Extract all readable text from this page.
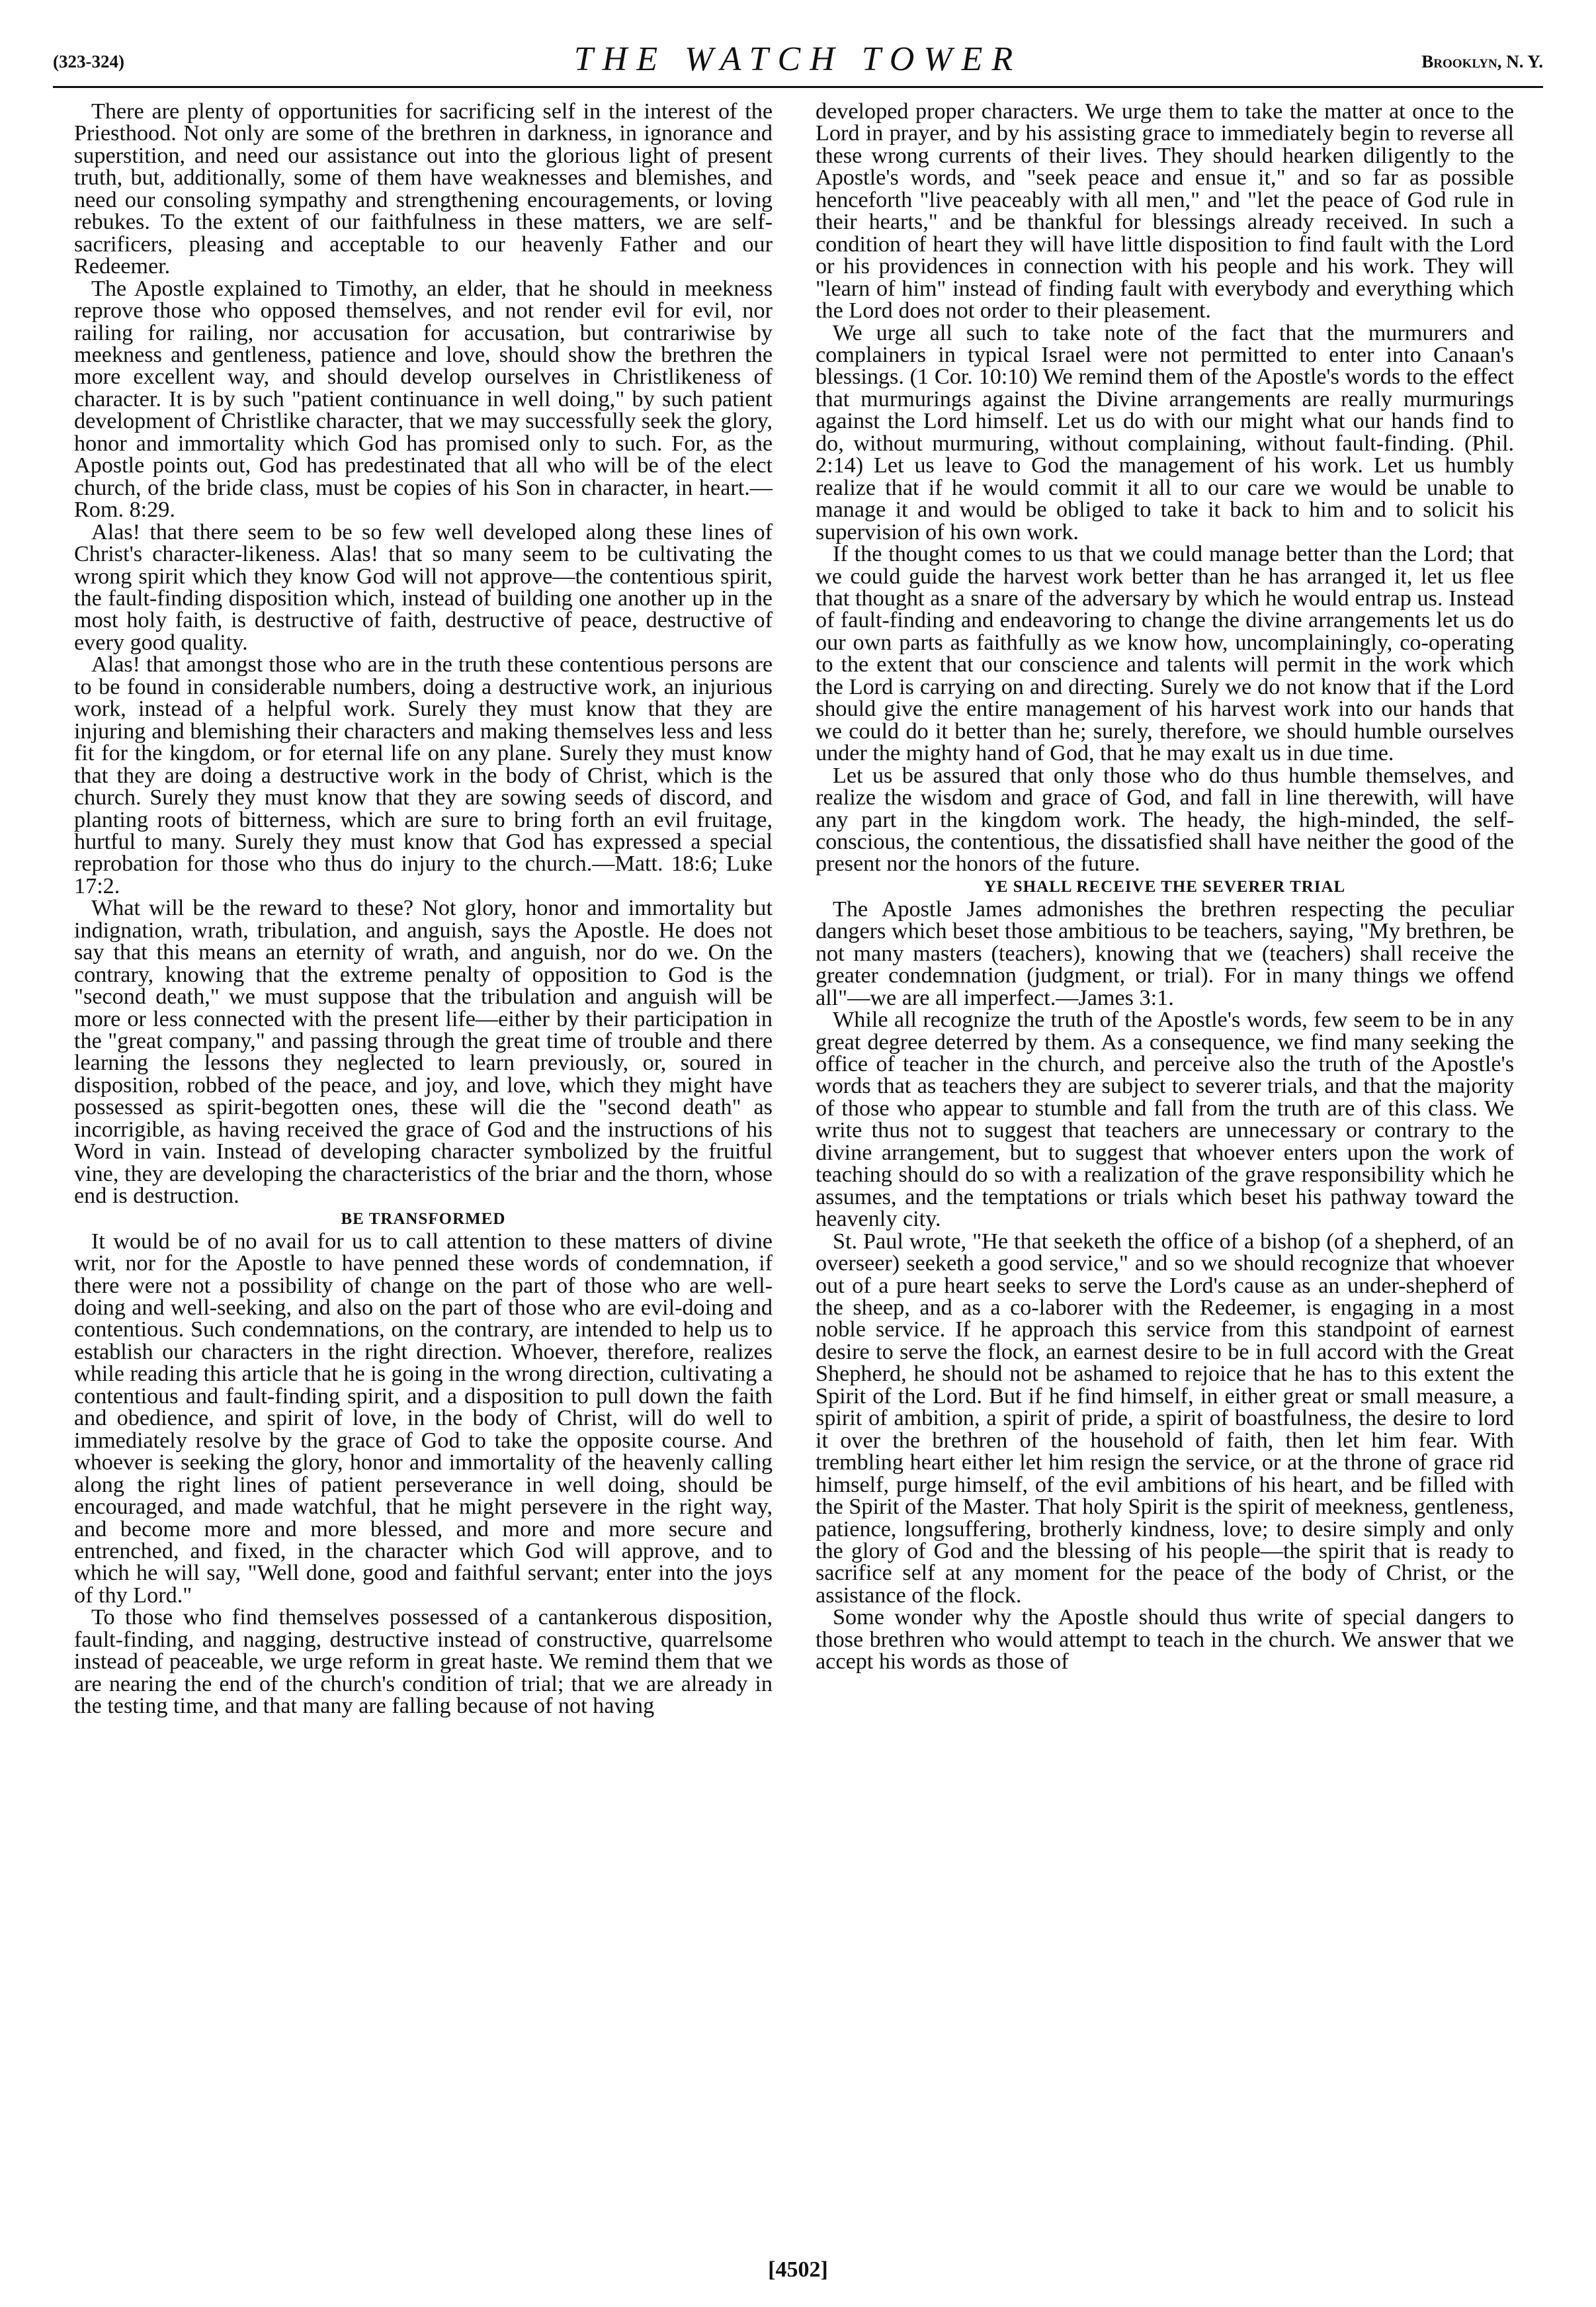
(323-324)	THE WATCH TOWER	Brooklyn, N. Y.

There are plenty of opportunities for sacrificing self in the interest of the Priesthood. Not only are some of the brethren in darkness, in ignorance and superstition, and need our assistance out into the glorious light of present truth, but, additionally, some of them have weaknesses and blemishes, and need our consoling sympathy and strengthening encouragements, or loving rebukes. To the extent of our faithfulness in these matters, we are self-sacrificers, pleasing and acceptable to our heavenly Father and our Redeemer.

The Apostle explained to Timothy, an elder, that he should in meekness reprove those who opposed themselves, and not render evil for evil, nor railing for railing, nor accusation for accusation, but contrariwise by meekness and gentleness, patience and love, should show the brethren the more excellent way, and should develop ourselves in Christlikeness of character. It is by such "patient continuance in well doing," by such patient development of Christlike character, that we may successfully seek the glory, honor and immortality which God has promised only to such. For, as the Apostle points out, God has predestinated that all who will be of the elect church, of the bride class, must be copies of his Son in character, in heart.—Rom. 8:29.

Alas! that there seem to be so few well developed along these lines of Christ's character-likeness. Alas! that so many seem to be cultivating the wrong spirit which they know God will not approve—the contentious spirit, the fault-finding disposition which, instead of building one another up in the most holy faith, is destructive of faith, destructive of peace, destructive of every good quality.

Alas! that amongst those who are in the truth these contentious persons are to be found in considerable numbers, doing a destructive work, an injurious work, instead of a helpful work. Surely they must know that they are injuring and blemishing their characters and making themselves less and less fit for the kingdom, or for eternal life on any plane. Surely they must know that they are doing a destructive work in the body of Christ, which is the church. Surely they must know that they are sowing seeds of discord, and planting roots of bitterness, which are sure to bring forth an evil fruitage, hurtful to many. Surely they must know that God has expressed a special reprobation for those who thus do injury to the church.—Matt. 18:6; Luke 17:2.

What will be the reward to these? Not glory, honor and immortality but indignation, wrath, tribulation, and anguish, says the Apostle. He does not say that this means an eternity of wrath, and anguish, nor do we. On the contrary, knowing that the extreme penalty of opposition to God is the "second death," we must suppose that the tribulation and anguish will be more or less connected with the present life—either by their participation in the "great company," and passing through the great time of trouble and there learning the lessons they neglected to learn previously, or, soured in disposition, robbed of the peace, and joy, and love, which they might have possessed as spirit-begotten ones, these will die the "second death" as incorrigible, as having received the grace of God and the instructions of his Word in vain. Instead of developing character symbolized by the fruitful vine, they are developing the characteristics of the briar and the thorn, whose end is destruction.

BE TRANSFORMED

It would be of no avail for us to call attention to these matters of divine writ, nor for the Apostle to have penned these words of condemnation, if there were not a possibility of change on the part of those who are well-doing and well-seeking, and also on the part of those who are evil-doing and contentious. Such condemnations, on the contrary, are intended to help us to establish our characters in the right direction. Whoever, therefore, realizes while reading this article that he is going in the wrong direction, cultivating a contentious and fault-finding spirit, and a disposition to pull down the faith and obedience, and spirit of love, in the body of Christ, will do well to immediately resolve by the grace of God to take the opposite course. And whoever is seeking the glory, honor and immortality of the heavenly calling along the right lines of patient perseverance in well doing, should be encouraged, and made watchful, that he might persevere in the right way, and become more and more blessed, and more and more secure and entrenched, and fixed, in the character which God will approve, and to which he will say, "Well done, good and faithful servant; enter into the joys of thy Lord."

To those who find themselves possessed of a cantankerous disposition, fault-finding, and nagging, destructive instead of constructive, quarrelsome instead of peaceable, we urge reform in great haste. We remind them that we are nearing the end of the church's condition of trial; that we are already in the testing time, and that many are falling because of not having

developed proper characters. We urge them to take the matter at once to the Lord in prayer, and by his assisting grace to immediately begin to reverse all these wrong currents of their lives. They should hearken diligently to the Apostle's words, and "seek peace and ensue it," and so far as possible henceforth "live peaceably with all men," and "let the peace of God rule in their hearts," and be thankful for blessings already received. In such a condition of heart they will have little disposition to find fault with the Lord or his providences in connection with his people and his work. They will "learn of him" instead of finding fault with everybody and everything which the Lord does not order to their pleasement.

We urge all such to take note of the fact that the murmurers and complainers in typical Israel were not permitted to enter into Canaan's blessings. (1 Cor. 10:10) We remind them of the Apostle's words to the effect that murmurings against the Divine arrangements are really murmurings against the Lord himself. Let us do with our might what our hands find to do, without murmuring, without complaining, without fault-finding. (Phil. 2:14) Let us leave to God the management of his work. Let us humbly realize that if he would commit it all to our care we would be unable to manage it and would be obliged to take it back to him and to solicit his supervision of his own work.

If the thought comes to us that we could manage better than the Lord; that we could guide the harvest work better than he has arranged it, let us flee that thought as a snare of the adversary by which he would entrap us. Instead of fault-finding and endeavoring to change the divine arrangements let us do our own parts as faithfully as we know how, uncomplainingly, co-operating to the extent that our conscience and talents will permit in the work which the Lord is carrying on and directing. Surely we do not know that if the Lord should give the entire management of his harvest work into our hands that we could do it better than he; surely, therefore, we should humble ourselves under the mighty hand of God, that he may exalt us in due time.

Let us be assured that only those who do thus humble themselves, and realize the wisdom and grace of God, and fall in line therewith, will have any part in the kingdom work. The heady, the high-minded, the self-conscious, the contentious, the dissatisfied shall have neither the good of the present nor the honors of the future.

YE SHALL RECEIVE THE SEVERER TRIAL

The Apostle James admonishes the brethren respecting the peculiar dangers which beset those ambitious to be teachers, saying, "My brethren, be not many masters (teachers), knowing that we (teachers) shall receive the greater condemnation (judgment, or trial). For in many things we offend all"—we are all imperfect.—James 3:1.

While all recognize the truth of the Apostle's words, few seem to be in any great degree deterred by them. As a consequence, we find many seeking the office of teacher in the church, and perceive also the truth of the Apostle's words that as teachers they are subject to severer trials, and that the majority of those who appear to stumble and fall from the truth are of this class. We write thus not to suggest that teachers are unnecessary or contrary to the divine arrangement, but to suggest that whoever enters upon the work of teaching should do so with a realization of the grave responsibility which he assumes, and the temptations or trials which beset his pathway toward the heavenly city.

St. Paul wrote, "He that seeketh the office of a bishop (of a shepherd, of an overseer) seeketh a good service," and so we should recognize that whoever out of a pure heart seeks to serve the Lord's cause as an under-shepherd of the sheep, and as a co-laborer with the Redeemer, is engaging in a most noble service. If he approach this service from this standpoint of earnest desire to serve the flock, an earnest desire to be in full accord with the Great Shepherd, he should not be ashamed to rejoice that he has to this extent the Spirit of the Lord. But if he find himself, in either great or small measure, a spirit of ambition, a spirit of pride, a spirit of boastfulness, the desire to lord it over the brethren of the household of faith, then let him fear. With trembling heart either let him resign the service, or at the throne of grace rid himself, purge himself, of the evil ambitions of his heart, and be filled with the Spirit of the Master. That holy Spirit is the spirit of meekness, gentleness, patience, longsuffering, brotherly kindness, love; to desire simply and only the glory of God and the blessing of his people—the spirit that is ready to sacrifice self at any moment for the peace of the body of Christ, or the assistance of the flock.

Some wonder why the Apostle should thus write of special dangers to those brethren who would attempt to teach in the church. We answer that we accept his words as those of

[4502]
